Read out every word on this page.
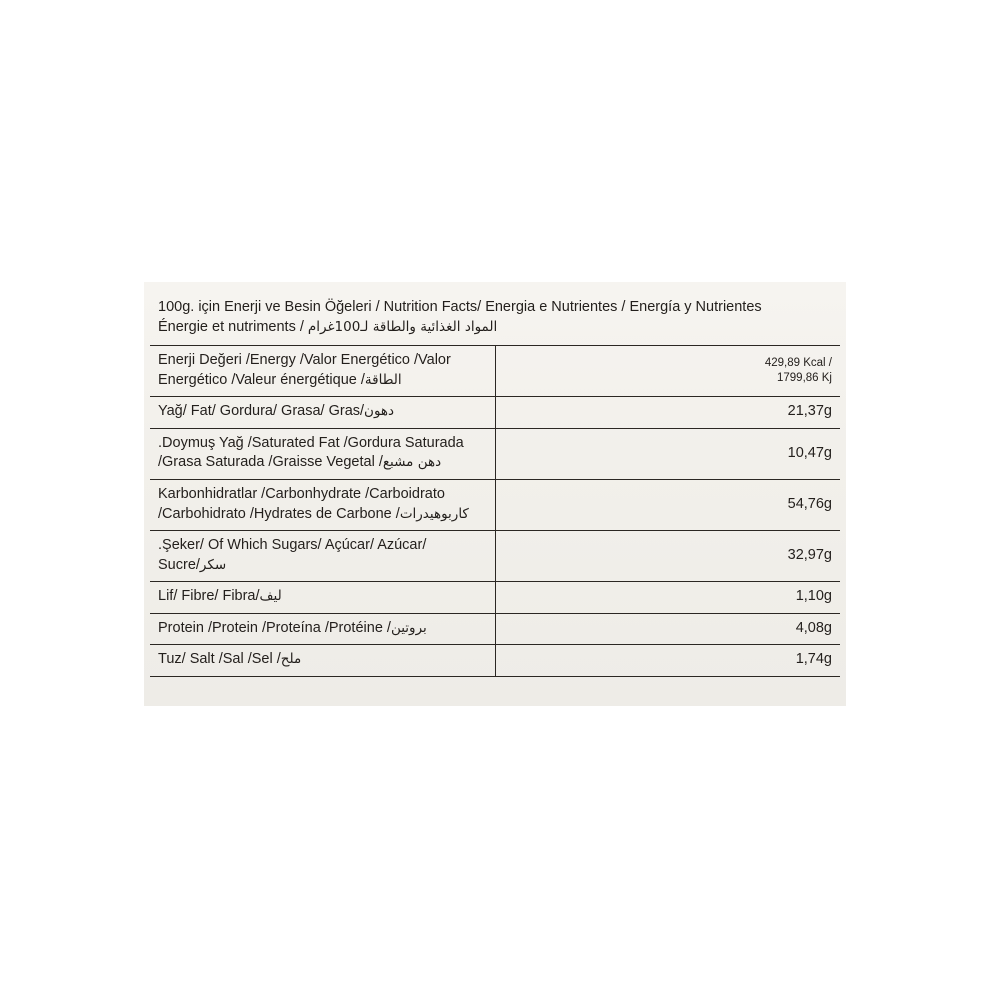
100g. için Enerji ve Besin Öğeleri / Nutrition Facts/ Energia e Nutrientes / Energía y Nutrientes
Énergie et nutriments / المواد الغذائية والطاقة لـ100غرام	

Enerji Değeri /Energy /Valor Energético /Valor Energético /Valeur énergétique /الطاقة	429,89 Kcal /
1799,86 Kj

Yağ/ Fat/ Gordura/ Grasa/ Gras/دهون	21,37g
.Doymuş Yağ /Saturated Fat /Gordura Saturada /Grasa Saturada /Graisse Vegetal /دهن مشبع	10,47g
Karbonhidratlar /Carbonhydrate /Carboidrato /Carbohidrato /Hydrates de Carbone /كاربوهيدرات	54,76g
.Şeker/ Of Which Sugars/ Açúcar/ Azúcar/ Sucre/سكر	32,97g
Lif/ Fibre/ Fibra/ليف	1,10g
Protein /Protein /Proteína /Protéine /بروتين	4,08g
Tuz/ Salt /Sal /Sel /ملح	1,74g
